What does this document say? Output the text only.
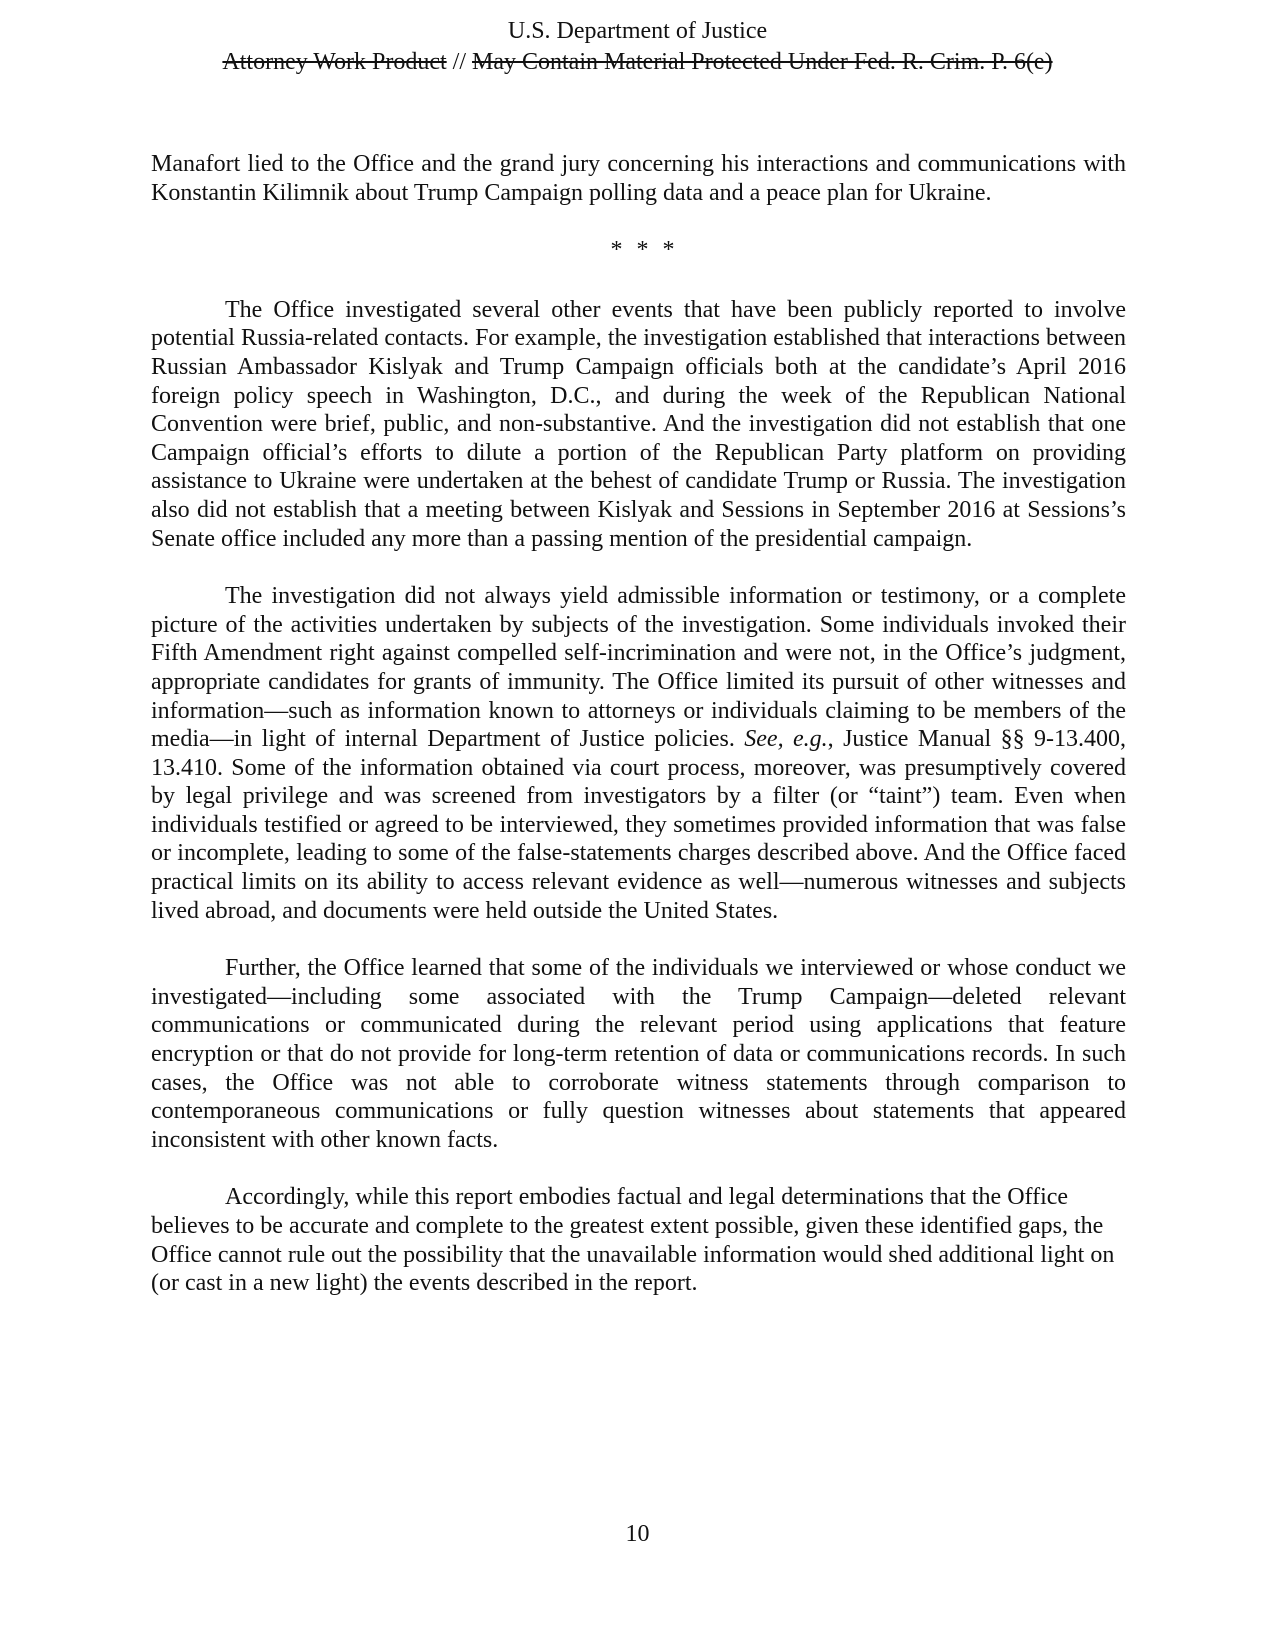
U.S. Department of Justice
Attorney Work Product // May Contain Material Protected Under Fed. R. Crim. P. 6(e)

Manafort lied to the Office and the grand jury concerning his interactions and communications with Konstantin Kilimnik about Trump Campaign polling data and a peace plan for Ukraine.

* * *

The Office investigated several other events that have been publicly reported to involve potential Russia-related contacts. For example, the investigation established that interactions between Russian Ambassador Kislyak and Trump Campaign officials both at the candidate’s April 2016 foreign policy speech in Washington, D.C., and during the week of the Republican National Convention were brief, public, and non-substantive. And the investigation did not establish that one Campaign official’s efforts to dilute a portion of the Republican Party platform on providing assistance to Ukraine were undertaken at the behest of candidate Trump or Russia. The investigation also did not establish that a meeting between Kislyak and Sessions in September 2016 at Sessions’s Senate office included any more than a passing mention of the presidential campaign.

The investigation did not always yield admissible information or testimony, or a complete picture of the activities undertaken by subjects of the investigation. Some individuals invoked their Fifth Amendment right against compelled self-incrimination and were not, in the Office’s judgment, appropriate candidates for grants of immunity. The Office limited its pursuit of other witnesses and information—such as information known to attorneys or individuals claiming to be members of the media—in light of internal Department of Justice policies. See, e.g., Justice Manual §§ 9-13.400, 13.410. Some of the information obtained via court process, moreover, was presumptively covered by legal privilege and was screened from investigators by a filter (or “taint”) team. Even when individuals testified or agreed to be interviewed, they sometimes provided information that was false or incomplete, leading to some of the false-statements charges described above. And the Office faced practical limits on its ability to access relevant evidence as well—numerous witnesses and subjects lived abroad, and documents were held outside the United States.

Further, the Office learned that some of the individuals we interviewed or whose conduct we investigated—including some associated with the Trump Campaign—deleted relevant communications or communicated during the relevant period using applications that feature encryption or that do not provide for long-term retention of data or communications records. In such cases, the Office was not able to corroborate witness statements through comparison to contemporaneous communications or fully question witnesses about statements that appeared inconsistent with other known facts.

Accordingly, while this report embodies factual and legal determinations that the Office believes to be accurate and complete to the greatest extent possible, given these identified gaps, the Office cannot rule out the possibility that the unavailable information would shed additional light on (or cast in a new light) the events described in the report.

10
